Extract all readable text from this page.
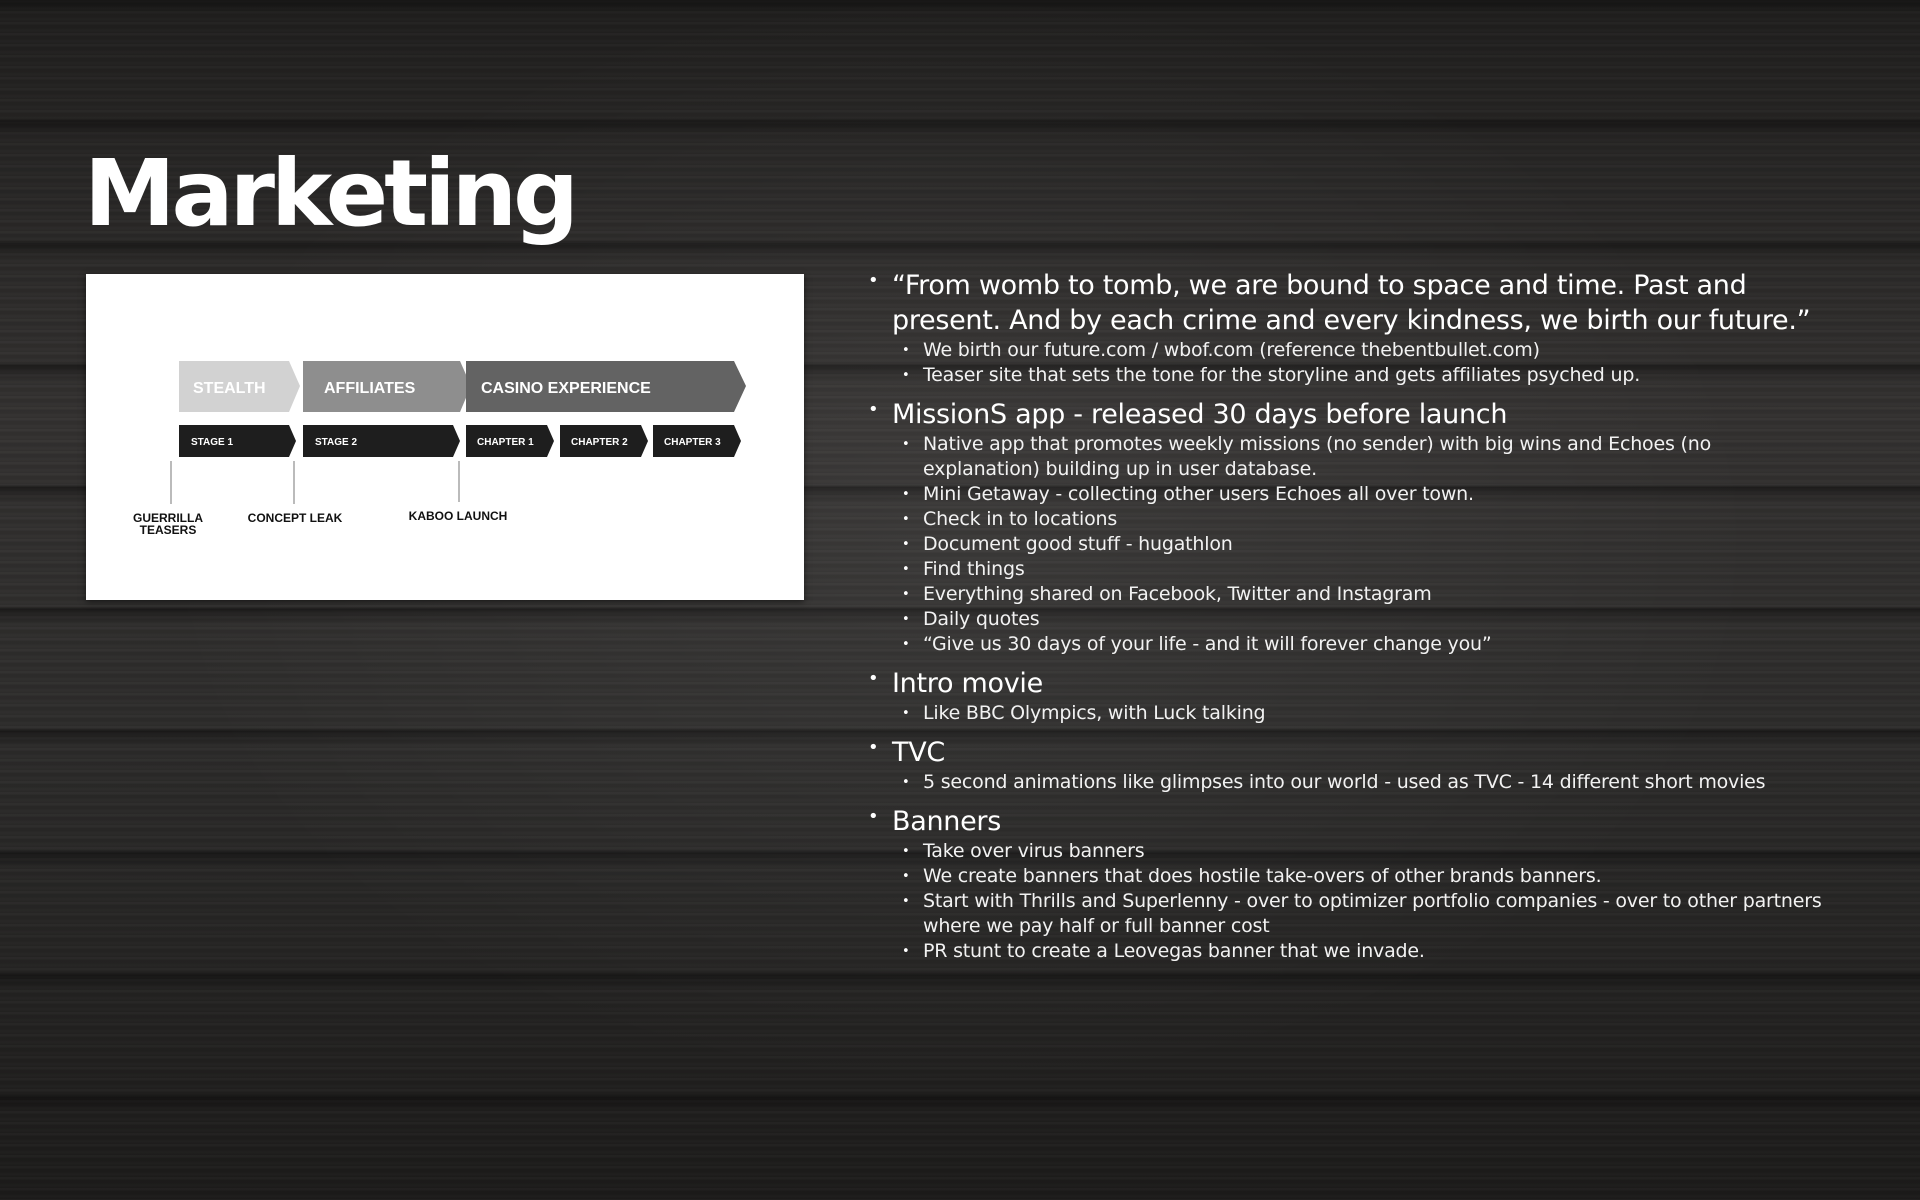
Marketing
STEALTH	AFFILIATES	CASINO EXPERIENCE
STAGE 1	STAGE 2	CHAPTER 1	CHAPTER 2	CHAPTER 3
GUERRILLA
TEASERS
CONCEPT LEAK	KABOO LAUNCH
• “From womb to tomb, we are bound to space and time. Past and present. And by each crime and every kindness, we birth our future.”
• We birth our future.com / wbof.com (reference thebentbullet.com)
• Teaser site that sets the tone for the storyline and gets affiliates psyched up.
• MissionS app - released 30 days before launch
• Native app that promotes weekly missions (no sender) with big wins and Echoes (no explanation) building up in user database.
• Mini Getaway - collecting other users Echoes all over town.
• Check in to locations
• Document good stuff - hugathlon
• Find things
• Everything shared on Facebook, Twitter and Instagram
• Daily quotes
• “Give us 30 days of your life - and it will forever change you”
• Intro movie
• Like BBC Olympics, with Luck talking
• TVC
• 5 second animations like glimpses into our world - used as TVC - 14 different short movies
• Banners
• Take over virus banners
• We create banners that does hostile take-overs of other brands banners.
• Start with Thrills and Superlenny - over to optimizer portfolio companies - over to other partners where we pay half or full banner cost
• PR stunt to create a Leovegas banner that we invade.
